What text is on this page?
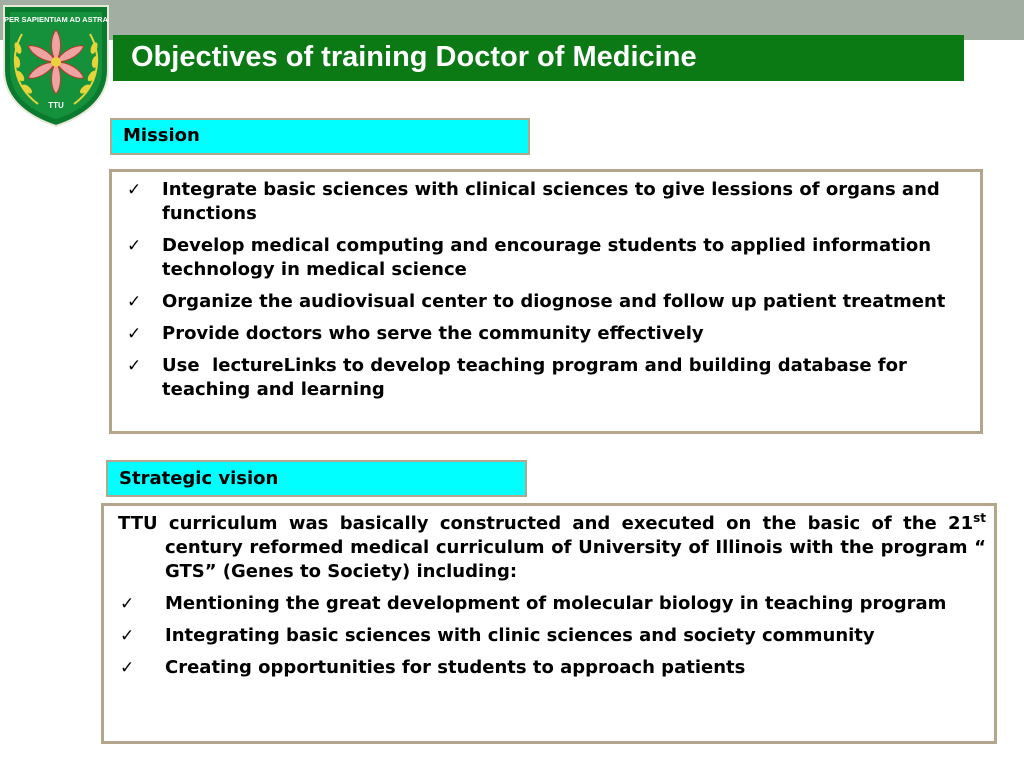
PER SAPIENTIAM AD ASTRA
TTU
Objectives of training Doctor of Medicine
Mission
✓ Integrate basic sciences with clinical sciences to give lessions of organs and functions
✓ Develop medical computing and encourage students to applied information technology in medical science
✓ Organize the audiovisual center to diognose and follow up patient treatment
✓ Provide doctors who serve the community effectively
✓ Use  lectureLinks to develop teaching program and building database for teaching and learning
Strategic vision

TTU curriculum was basically constructed and executed on the basic of the 21st century reformed medical curriculum of University of Illinois with the program “ GTS” (Genes to Society) including:

✓ Mentioning the great development of molecular biology in teaching program
✓ Integrating basic sciences with clinic sciences and society community
✓ Creating opportunities for students to approach patients
